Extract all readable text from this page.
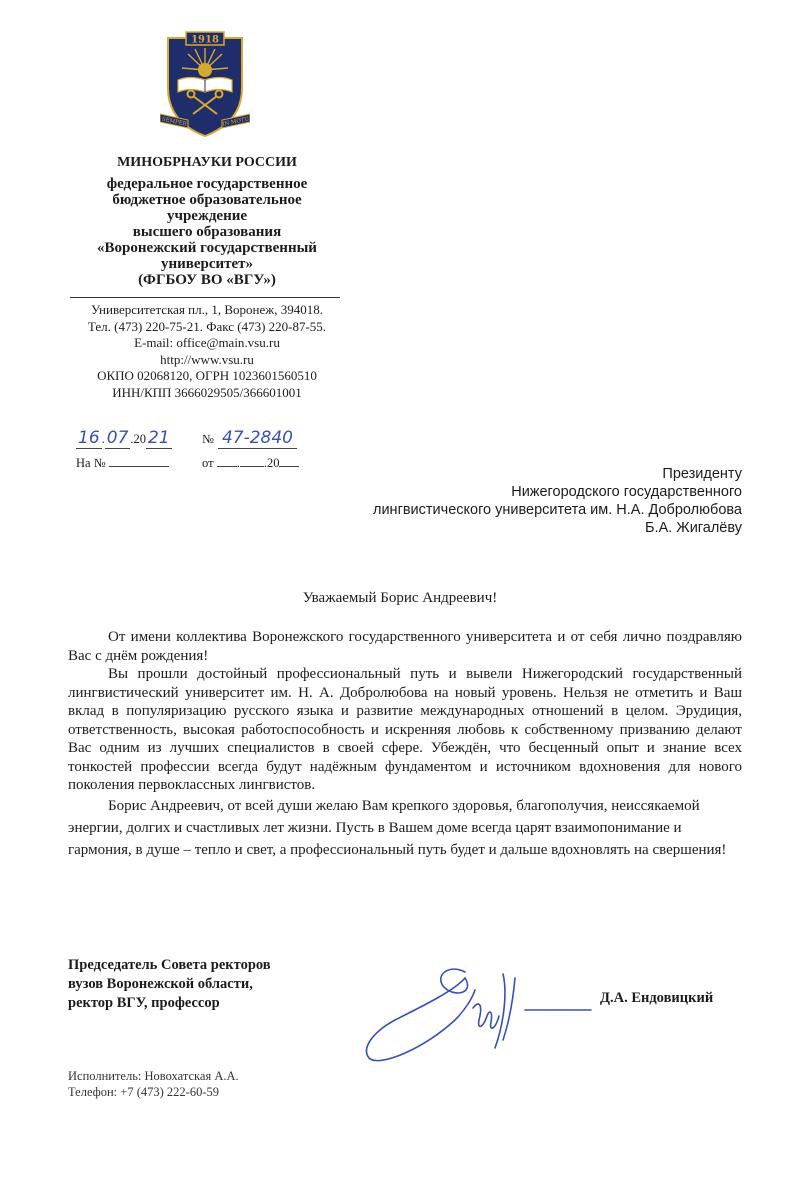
1918
SEMPER	IN MOTU
МИНОБРНАУКИ РОССИИ
федеральное государственное
бюджетное образовательное
учреждение
высшего образования
«Воронежский государственный
университет»
(ФГБОУ ВО «ВГУ»)
Университетская пл., 1, Воронеж, 394018.
Тел. (473) 220-75-21. Факс (473) 220-87-55.
E-mail: office@main.vsu.ru
http://www.vsu.ru
ОКПО 02068120, ОГРН 1023601560510
ИНН/КПП 3666029505/366601001
16 . 07 .20 21	№ 47-2840
На №	от . .20
Президенту
Нижегородского государственного
лингвистического университета им. Н.А. Добролюбова
Б.А. Жигалёву
Уважаемый Борис Андреевич!

От имени коллектива Воронежского государственного университета и от себя лично поздравляю Вас с днём рождения!

Вы прошли достойный профессиональный путь и вывели Нижегородский государственный лингвистический университет им. Н. А. Добролюбова на новый уровень. Нельзя не отметить и Ваш вклад в популяризацию русского языка и развитие международных отношений в целом. Эрудиция, ответственность, высокая работоспособность и искренняя любовь к собственному призванию делают Вас одним из лучших специалистов в своей сфере. Убеждён, что бесценный опыт и знание всех тонкостей профессии всегда будут надёжным фундаментом и источником вдохновения для нового поколения первоклассных лингвистов.

Борис Андреевич, от всей души желаю Вам крепкого здоровья, благополучия, неиссякаемой энергии, долгих и счастливых лет жизни. Пусть в Вашем доме всегда царят взаимопонимание и гармония, в душе – тепло и свет, а профессиональный путь будет и дальше вдохновлять на свершения!

Председатель Совета ректоров
вузов Воронежской области,
ректор ВГУ, профессор	Д.А. Ендовицкий
Исполнитель: Новохатская А.А.
Телефон: +7 (473) 222-60-59
